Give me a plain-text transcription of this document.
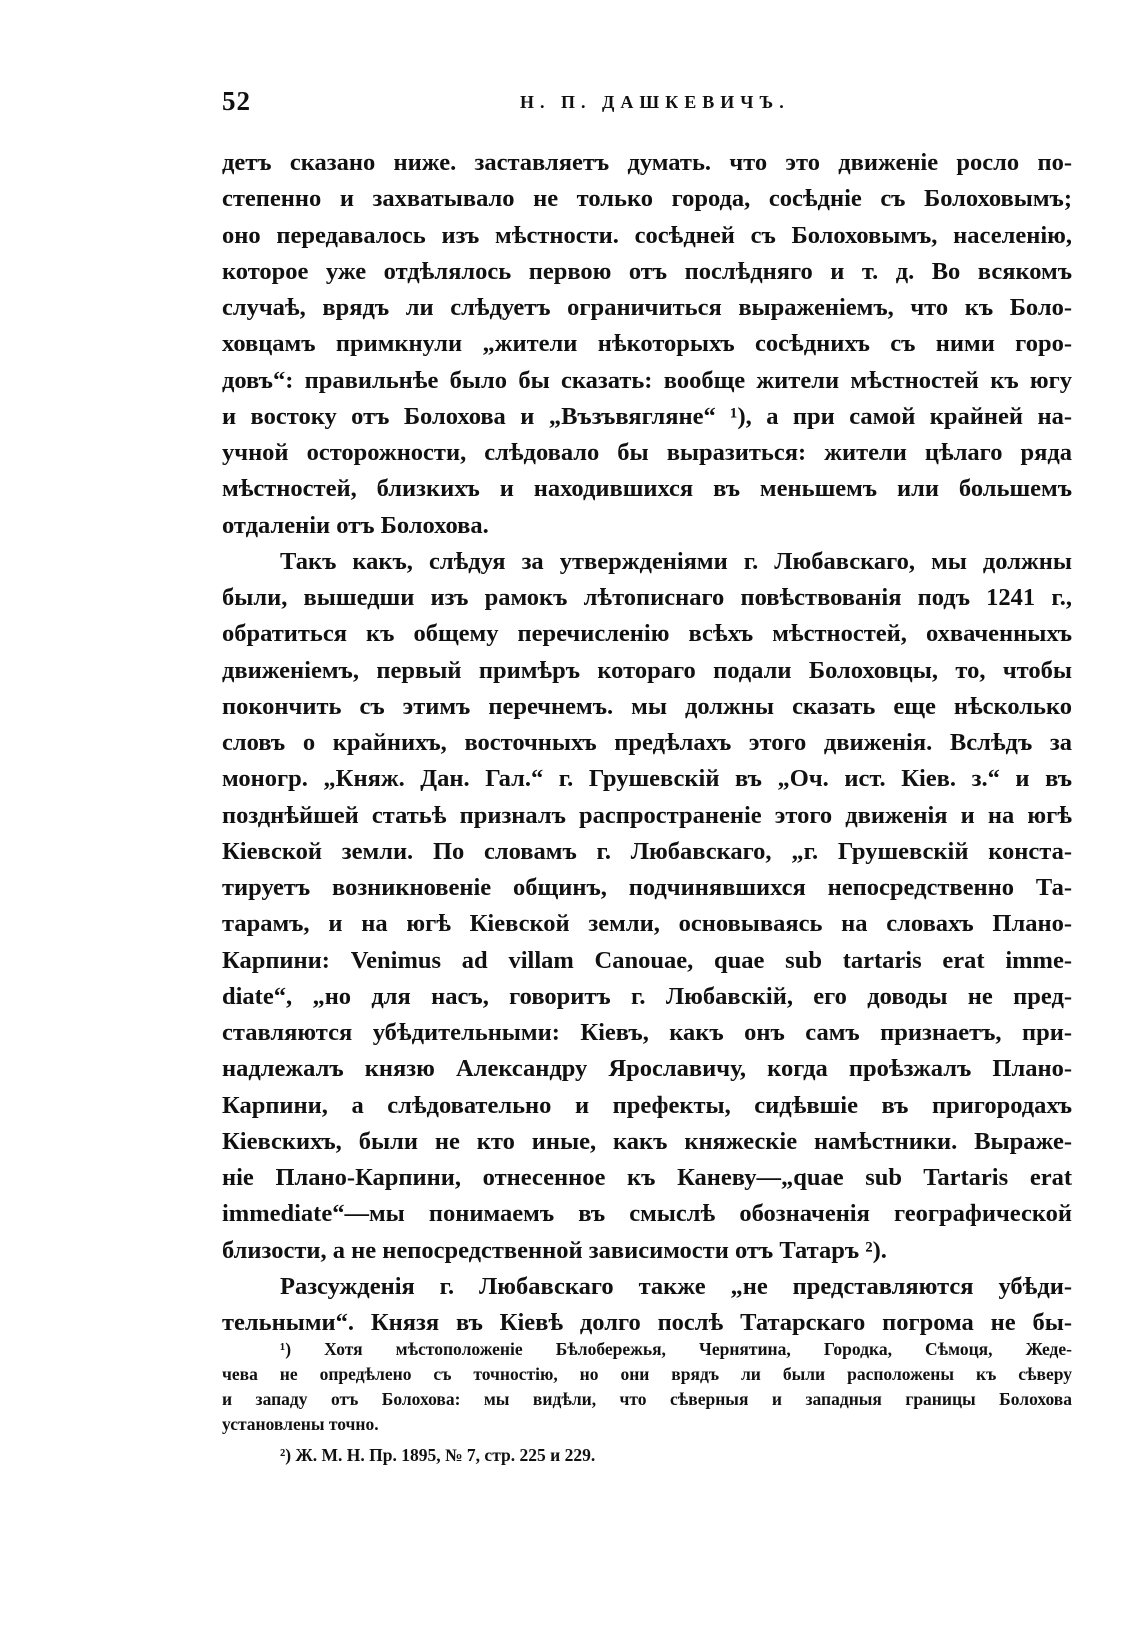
52	Н. П. ДАШКЕВИЧЪ.
детъ сказано ниже. заставляетъ думать. что это движеніе росло по-
степенно и захватывало не только города, сосѣдніе съ Болоховымъ;
оно передавалось изъ мѣстности. сосѣдней съ Болоховымъ, населенію,
которое уже отдѣлялось первою отъ послѣдняго и т. д. Во всякомъ
случаѣ, врядъ ли слѣдуетъ ограничиться выраженіемъ, что къ Боло-
ховцамъ примкнули „жители нѣкоторыхъ сосѣднихъ съ ними горо-
довъ“: правильнѣе было бы сказать: вообще жители мѣстностей къ югу
и востоку отъ Болохова и „Възъвягляне“ ¹), а при самой крайней на-
учной осторожности, слѣдовало бы выразиться: жители цѣлаго ряда
мѣстностей, близкихъ и находившихся въ меньшемъ или большемъ
отдаленіи отъ Болохова.
Такъ какъ, слѣдуя за утвержденіями г. Любавскаго, мы должны
были, вышедши изъ рамокъ лѣтописнаго повѣствованія подъ 1241 г.,
обратиться къ общему перечисленію всѣхъ мѣстностей, охваченныхъ
движеніемъ, первый примѣръ котораго подали Болоховцы, то, чтобы
покончить съ этимъ перечнемъ. мы должны сказать еще нѣсколько
словъ о крайнихъ, восточныхъ предѣлахъ этого движенія. Вслѣдъ за
моногр. „Княж. Дан. Гал.“ г. Грушевскій въ „Оч. ист. Кіев. з.“ и въ
позднѣйшей статьѣ призналъ распространеніе этого движенія и на югѣ
Кіевской земли. По словамъ г. Любавскаго, „г. Грушевскій конста-
тируетъ возникновеніе общинъ, подчинявшихся непосредственно Та-
тарамъ, и на югѣ Кіевской земли, основываясь на словахъ Плано-
Карпини: Venimus ad villam Canouae, quae sub tartaris erat imme-
diate“, „но для насъ, говоритъ г. Любавскій, его доводы не пред-
ставляются убѣдительными: Кіевъ, какъ онъ самъ признаетъ, при-
надлежалъ князю Александру Ярославичу, когда проѣзжалъ Плано-
Карпини, а слѣдовательно и префекты, сидѣвшіе въ пригородахъ
Кіевскихъ, были не кто иные, какъ княжескіе намѣстники. Выраже-
ніе Плано-Карпини, отнесенное къ Каневу—„quae sub Tartaris erat
immediate“—мы понимаемъ въ смыслѣ обозначенія географической
близости, а не непосредственной зависимости отъ Татаръ ²).
Разсужденія г. Любавскаго также „не представляются убѣди-
тельными“. Князя въ Кіевѣ долго послѣ Татарскаго погрома не бы-
¹) Хотя мѣстоположеніе Бѣлобережья, Чернятина, Городка, Сѣмоця, Жеде-
чева не опредѣлено съ точностію, но они врядъ ли были расположены къ сѣверу
и западу отъ Болохова: мы видѣли, что сѣверныя и западныя границы Болохова
установлены точно.
²) Ж. М. Н. Пр. 1895, № 7, стр. 225 и 229.
